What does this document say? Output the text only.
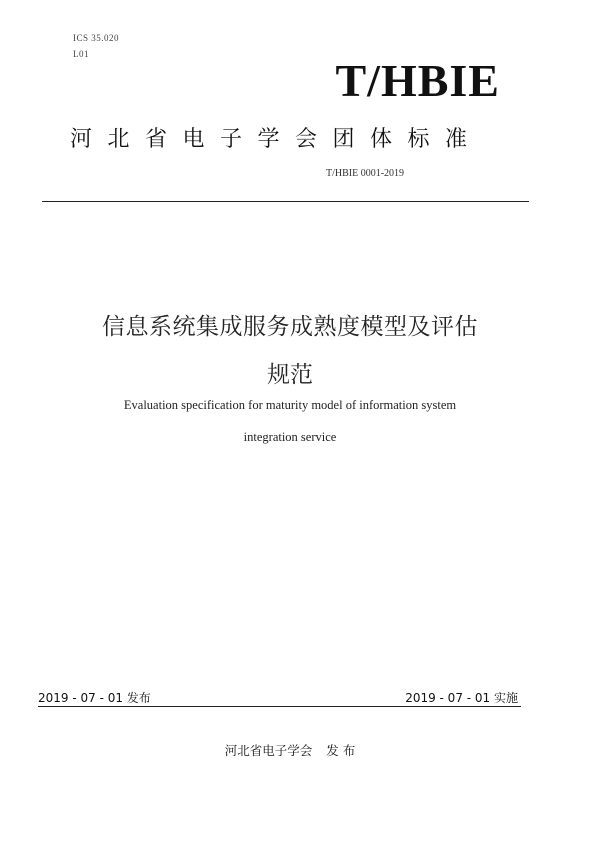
ICS 35.020
L01
T/HBIE
河北省电子学会团体标准
T/HBIE 0001-2019
信息系统集成服务成熟度模型及评估
规范
Evaluation specification for maturity model of information system
integration service
2019 - 07 - 01 发布	2019 - 07 - 01 实施
河北省电子学会 发 布
